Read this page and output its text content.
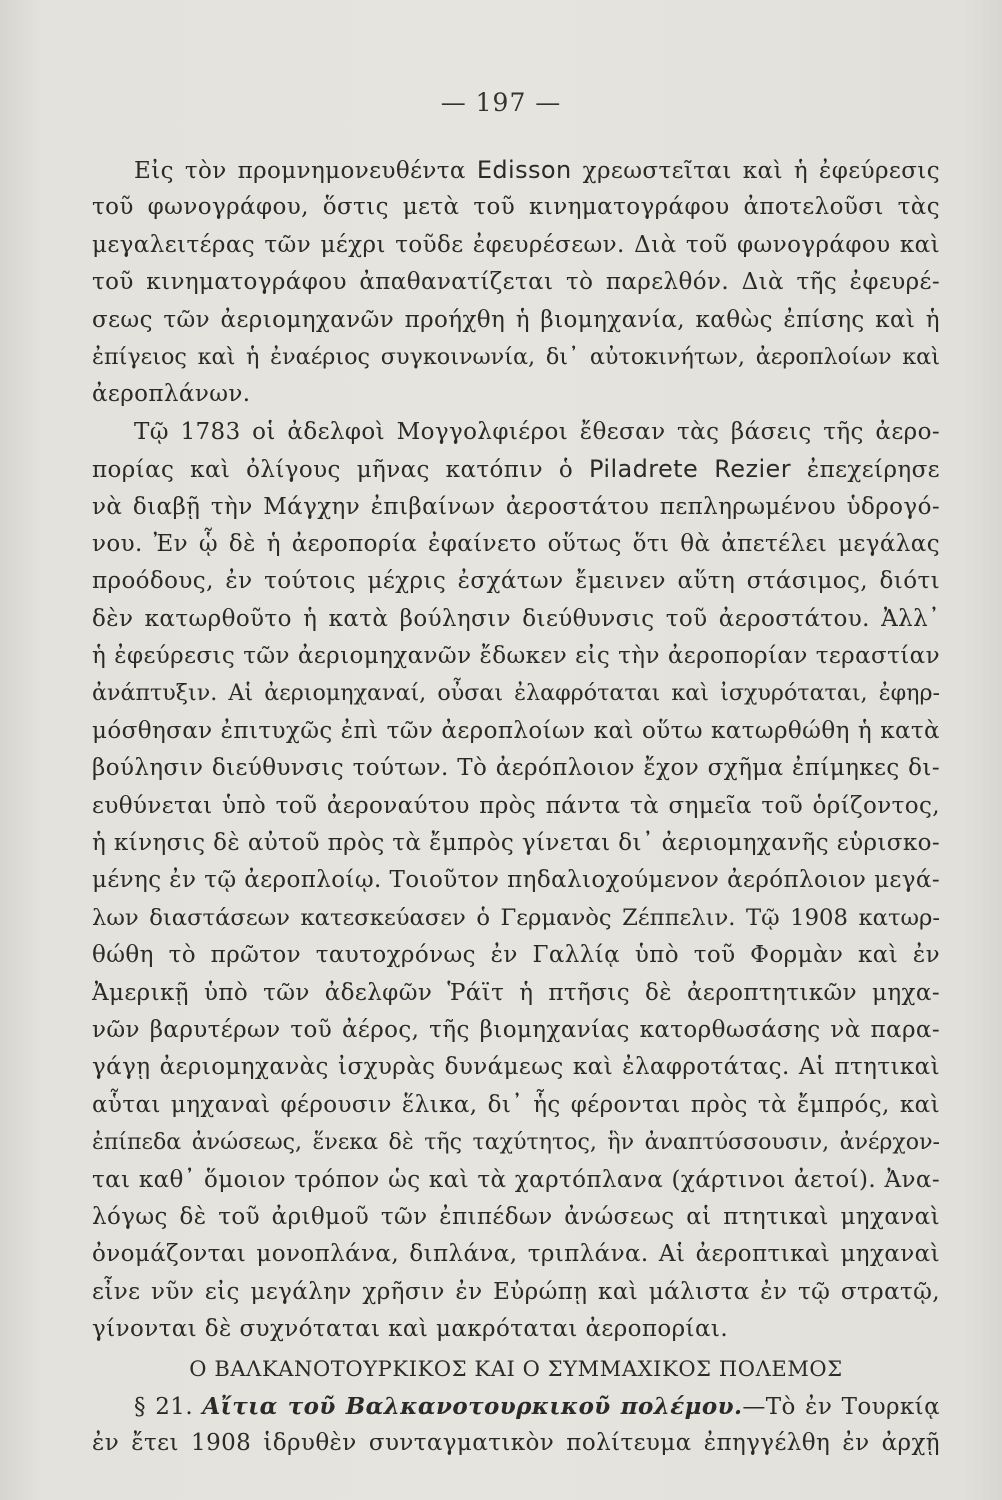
— 197 —
Εἰς τὸν προμνημονευθέντα Edisson χρεωστεῖται καὶ ἡ ἐφεύρεσις
τοῦ φωνογράφου, ὅστις μετὰ τοῦ κινηματογράφου ἀποτελοῦσι τὰς
μεγαλειτέρας τῶν μέχρι τοῦδε ἐφευρέσεων. Διὰ τοῦ φωνογράφου καὶ
τοῦ κινηματογράφου ἀπαθανατίζεται τὸ παρελθόν. Διὰ τῆς ἐφευρέ-
σεως τῶν ἀεριομηχανῶν προήχθη ἡ βιομηχανία, καθὼς ἐπίσης καὶ ἡ
ἐπίγειος καὶ ἡ ἐναέριος συγκοινωνία, δι᾽ αὐτοκινήτων, ἀεροπλοίων καὶ
ἀεροπλάνων.
Τῷ 1783 οἱ ἀδελφοὶ Μογγολφιέροι ἔθεσαν τὰς βάσεις τῆς ἀερο-
πορίας καὶ ὀλίγους μῆνας κατόπιν ὁ Piladrete Rezier ἐπεχείρησε
νὰ διαβῇ τὴν Μάγχην ἐπιβαίνων ἀεροστάτου πεπληρωμένου ὑδρογό-
νου. Ἐν ᾧ δὲ ἡ ἀεροπορία ἐφαίνετο οὕτως ὅτι θὰ ἀπετέλει μεγάλας
προόδους, ἐν τούτοις μέχρις ἐσχάτων ἔμεινεν αὕτη στάσιμος, διότι
δὲν κατωρθοῦτο ἡ κατὰ βούλησιν διεύθυνσις τοῦ ἀεροστάτου. Ἀλλ᾽
ἡ ἐφεύρεσις τῶν ἀεριομηχανῶν ἔδωκεν εἰς τὴν ἀεροπορίαν τεραστίαν
ἀνάπτυξιν. Αἱ ἀεριομηχαναί, οὖσαι ἐλαφρόταται καὶ ἰσχυρόταται, ἐφηρ-
μόσθησαν ἐπιτυχῶς ἐπὶ τῶν ἀεροπλοίων καὶ οὕτω κατωρθώθη ἡ κατὰ
βούλησιν διεύθυνσις τούτων. Τὸ ἀερόπλοιον ἔχον σχῆμα ἐπίμηκες δι-
ευθύνεται ὑπὸ τοῦ ἀεροναύτου πρὸς πάντα τὰ σημεῖα τοῦ ὁρίζοντος,
ἡ κίνησις δὲ αὐτοῦ πρὸς τὰ ἔμπρὸς γίνεται δι᾽ ἀεριομηχανῆς εὑρισκο-
μένης ἐν τῷ ἀεροπλοίῳ. Τοιοῦτον πηδαλιοχούμενον ἀερόπλοιον μεγά-
λων διαστάσεων κατεσκεύασεν ὁ Γερμανὸς Ζέππελιν. Τῷ 1908 κατωρ-
θώθη τὸ πρῶτον ταυτοχρόνως ἐν Γαλλίᾳ ὑπὸ τοῦ Φορμὰν καὶ ἐν
Ἀμερικῇ ὑπὸ τῶν ἀδελφῶν Ῥάϊτ ἡ πτῆσις δὲ ἀεροπτητικῶν μηχα-
νῶν βαρυτέρων τοῦ ἀέρος, τῆς βιομηχανίας κατορθωσάσης νὰ παρα-
γάγῃ ἀεριομηχανὰς ἰσχυρὰς δυνάμεως καὶ ἐλαφροτάτας. Αἱ πτητικαὶ
αὗται μηχαναὶ φέρουσιν ἕλικα, δι᾽ ἧς φέρονται πρὸς τὰ ἔμπρός, καὶ
ἐπίπεδα ἀνώσεως, ἕνεκα δὲ τῆς ταχύτητος, ἣν ἀναπτύσσουσιν, ἀνέρχον-
ται καθ᾽ ὅμοιον τρόπον ὡς καὶ τὰ χαρτόπλανα (χάρτινοι ἀετοί). Ἀνα-
λόγως δὲ τοῦ ἀριθμοῦ τῶν ἐπιπέδων ἀνώσεως αἱ πτητικαὶ μηχαναὶ
ὀνομάζονται μονοπλάνα, διπλάνα, τριπλάνα. Αἱ ἀεροπτικαὶ μηχαναὶ
εἶνε νῦν εἰς μεγάλην χρῆσιν ἐν Εὐρώπῃ καὶ μάλιστα ἐν τῷ στρατῷ,
γίνονται δὲ συχνόταται καὶ μακρόταται ἀεροπορίαι.
Ο ΒΑΛΚΑΝΟΤΟΥΡΚΙΚΟΣ ΚΑΙ Ο ΣΥΜΜΑΧΙΚΟΣ ΠΟΛΕΜΟΣ
§ 21. Αἴτια τοῦ Βαλκανοτουρκικοῦ πολέμου.—Τὸ ἐν Τουρκίᾳ
ἐν ἔτει 1908 ἱδρυθὲν συνταγματικὸν πολίτευμα ἐπηγγέλθη ἐν ἀρχῇ
